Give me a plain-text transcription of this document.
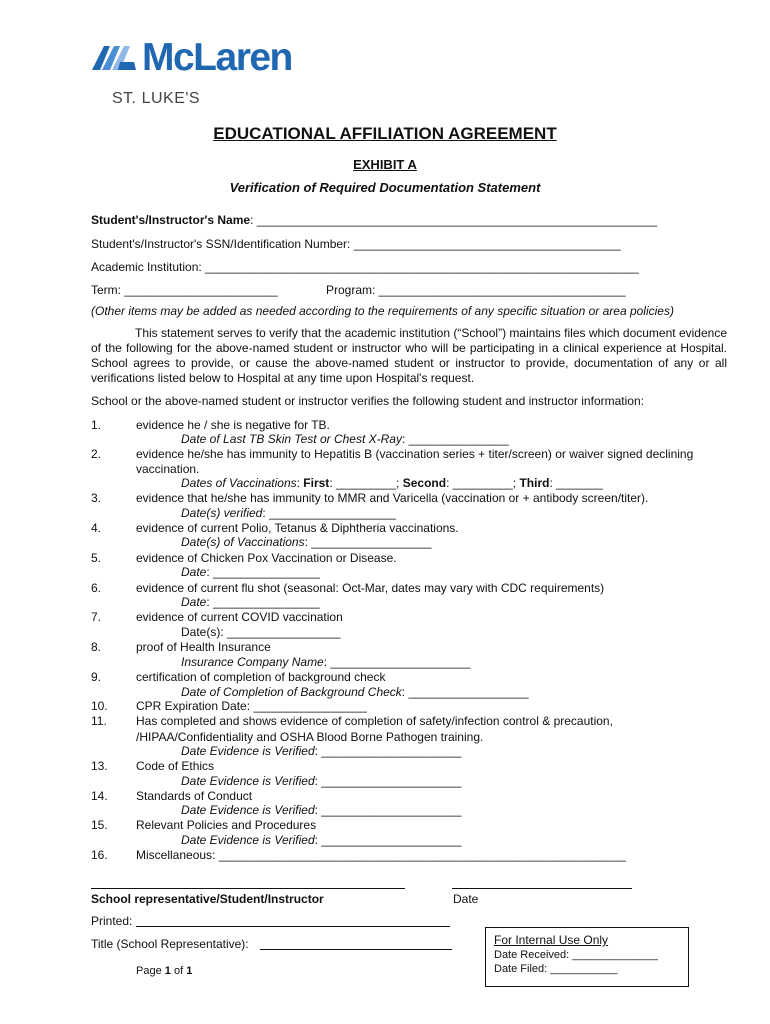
McLaren
ST. LUKE'S
EDUCATIONAL AFFILIATION AGREEMENT
EXHIBIT A
Verification of Required Documentation Statement
Student's/Instructor's Name: ____________________________________________________________
Student's/Instructor's SSN/Identification Number: ________________________________________
Academic Institution: _________________________________________________________________
Term: _______________________	Program: _____________________________________
(Other items may be added as needed according to the requirements of any specific situation or area policies)

This statement serves to verify that the academic institution (“School”) maintains files which document evidence of the following for the above-named student or instructor who will be participating in a clinical experience at Hospital. School agrees to provide, or cause the above-named student or instructor to provide, documentation of any or all verifications listed below to Hospital at any time upon Hospital's request.

School or the above-named student or instructor verifies the following student and instructor information:
1.	evidence he / she is negative for TB.
Date of Last TB Skin Test or Chest X-Ray: _______________
2.	evidence he/she has immunity to Hepatitis B (vaccination series + titer/screen) or waiver signed declining
vaccination.
Dates of Vaccinations: First: _________; Second: _________; Third: _______
3.	evidence that he/she has immunity to MMR and Varicella (vaccination or + antibody screen/titer).
Date(s) verified: ___________________
4.	evidence of current Polio, Tetanus & Diphtheria vaccinations.
Date(s) of Vaccinations: __________________
5.	evidence of Chicken Pox Vaccination or Disease.
Date: ________________
6.	evidence of current flu shot (seasonal: Oct-Mar, dates may vary with CDC requirements)
Date: ________________
7.	evidence of current COVID vaccination
Date(s): _________________
8.	proof of Health Insurance
Insurance Company Name: _____________________
9.	certification of completion of background check
Date of Completion of Background Check: __________________
10. CPR Expiration Date: _________________
11. Has completed and shows evidence of completion of safety/infection control & precaution,
/HIPAA/Confidentiality and OSHA Blood Borne Pathogen training.
Date Evidence is Verified: _____________________
13. Code of Ethics
Date Evidence is Verified: _____________________
14. Standards of Conduct
Date Evidence is Verified: _____________________
15. Relevant Policies and Procedures
Date Evidence is Verified: _____________________
16. Miscellaneous: _____________________________________________________________
School representative/Student/Instructor	Date
Printed:
Title (School Representative):	For Internal Use Only
Date Received: ______________
Date Filed: ___________
Page 1 of 1
